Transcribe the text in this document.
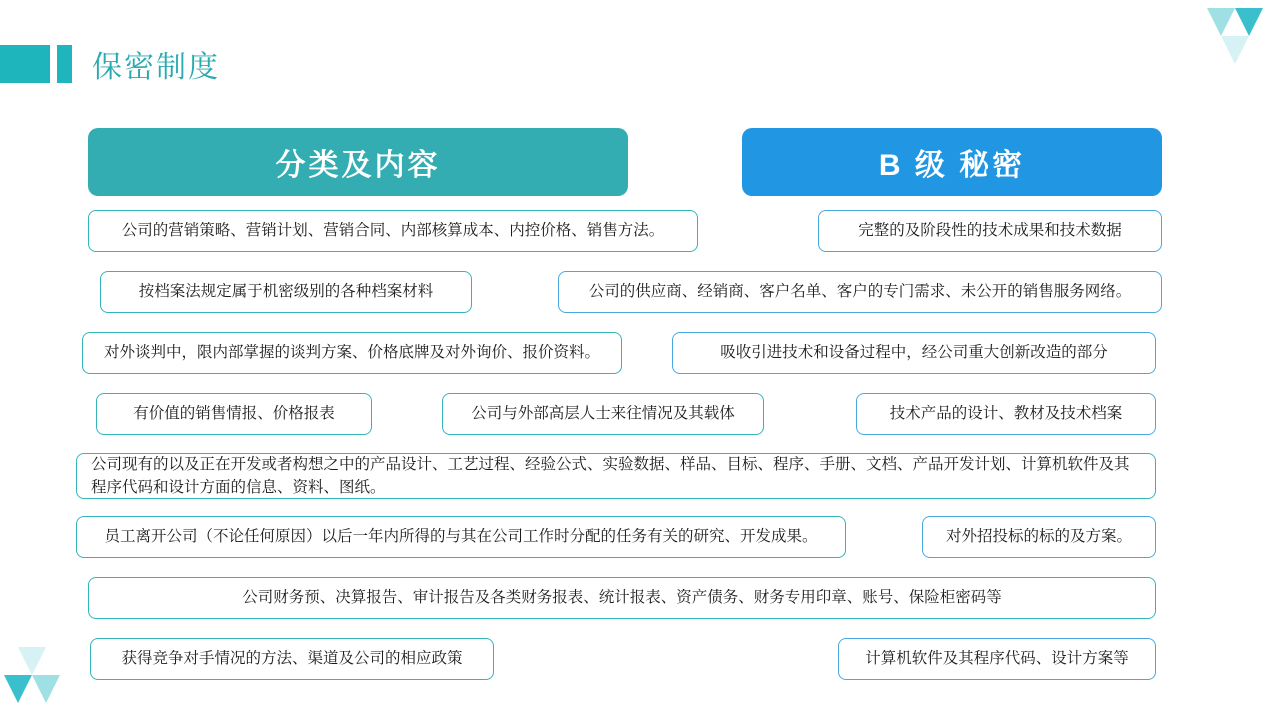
保密制度
分类及内容	B 级 秘密
公司的营销策略、营销计划、营销合同、内部核算成本、内控价格、销售方法。	完整的及阶段性的技术成果和技术数据
按档案法规定属于机密级别的各种档案材料	公司的供应商、经销商、客户名单、客户的专门需求、未公开的销售服务网络。
对外谈判中，限内部掌握的谈判方案、价格底牌及对外询价、报价资料。	吸收引进技术和设备过程中，经公司重大创新改造的部分
有价值的销售情报、价格报表	公司与外部高层人士来往情况及其载体	技术产品的设计、教材及技术档案
公司现有的以及正在开发或者构想之中的产品设计、工艺过程、经验公式、实验数据、样品、目标、程序、手册、文档、产品开发计划、计算机软件及其程序代码和设计方面的信息、资料、图纸。
员工离开公司（不论任何原因）以后一年内所得的与其在公司工作时分配的任务有关的研究、开发成果。	对外招投标的标的及方案。
公司财务预、决算报告、审计报告及各类财务报表、统计报表、资产债务、财务专用印章、账号、保险柜密码等
获得竞争对手情况的方法、渠道及公司的相应政策	计算机软件及其程序代码、设计方案等
